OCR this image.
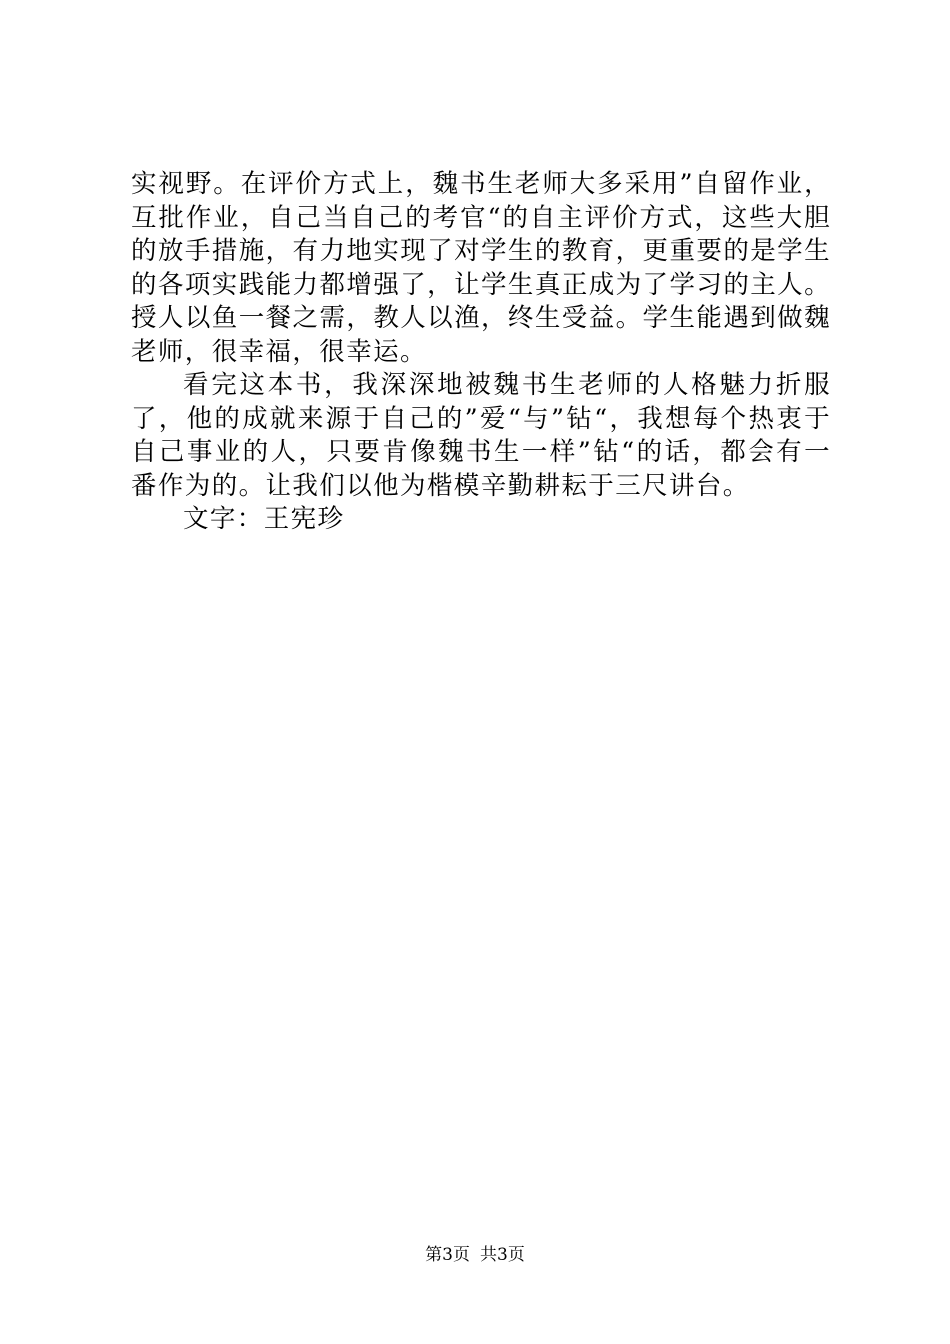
实视野。在评价方式上，魏书生老师大多采用”自留作业，互批作业，自己当自己的考官“的自主评价方式，这些大胆的放手措施，有力地实现了对学生的教育，更重要的是学生的各项实践能力都增强了，让学生真正成为了学习的主人。授人以鱼一餐之需，教人以渔，终生受益。学生能遇到做魏老师，很幸福，很幸运。

看完这本书，我深深地被魏书生老师的人格魅力折服了，他的成就来源于自己的”爱“与”钻“，我想每个热衷于自己事业的人，只要肯像魏书生一样”钻“的话，都会有一番作为的。让我们以他为楷模辛勤耕耘于三尺讲台。

文字：王宪珍

第3页 共3页
